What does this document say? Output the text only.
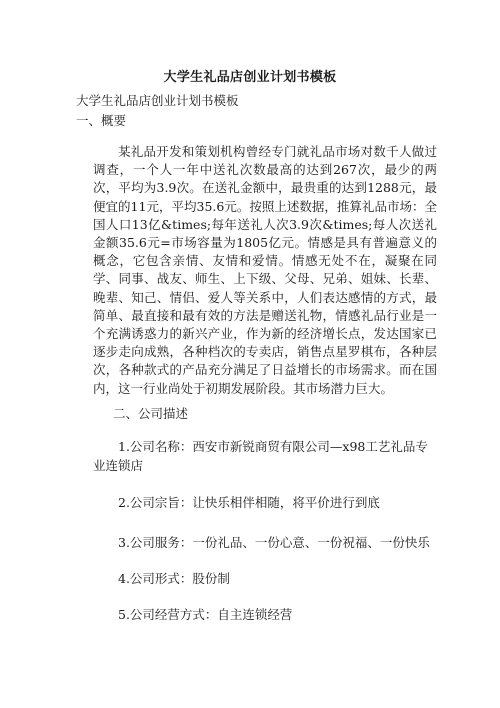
大学生礼品店创业计划书模板
大学生礼品店创业计划书模板
一、概要
某礼品开发和策划机构曾经专门就礼品市场对数千人做过调查，一个人一年中送礼次数最高的达到267次，最少的两次，平均为3.9次。在送礼金额中，最贵重的达到1288元，最便宜的11元，平均35.6元。按照上述数据，推算礼品市场：全国人口13亿&times;每年送礼人次3.9次&times;每人次送礼金额35.6元=市场容量为1805亿元。情感是具有普遍意义的概念，它包含亲情、友情和爱情。情感无处不在，凝聚在同学、同事、战友、师生、上下级、父母、兄弟、姐妹、长辈、晚辈、知己、情侣、爱人等关系中，人们表达感情的方式，最简单、最直接和最有效的方法是赠送礼物，情感礼品行业是一个充满诱惑力的新兴产业，作为新的经济增长点，发达国家已逐步走向成熟，各种档次的专卖店，销售点星罗棋布，各种层次，各种款式的产品充分满足了日益增长的市场需求。而在国内，这一行业尚处于初期发展阶段。其市场潜力巨大。
二、公司描述
1.公司名称：西安市新锐商贸有限公司—x98工艺礼品专业连锁店
2.公司宗旨：让快乐相伴相随，将平价进行到底
3.公司服务：一份礼品、一份心意、一份祝福、一份快乐
4.公司形式：股份制
5.公司经营方式：自主连锁经营
